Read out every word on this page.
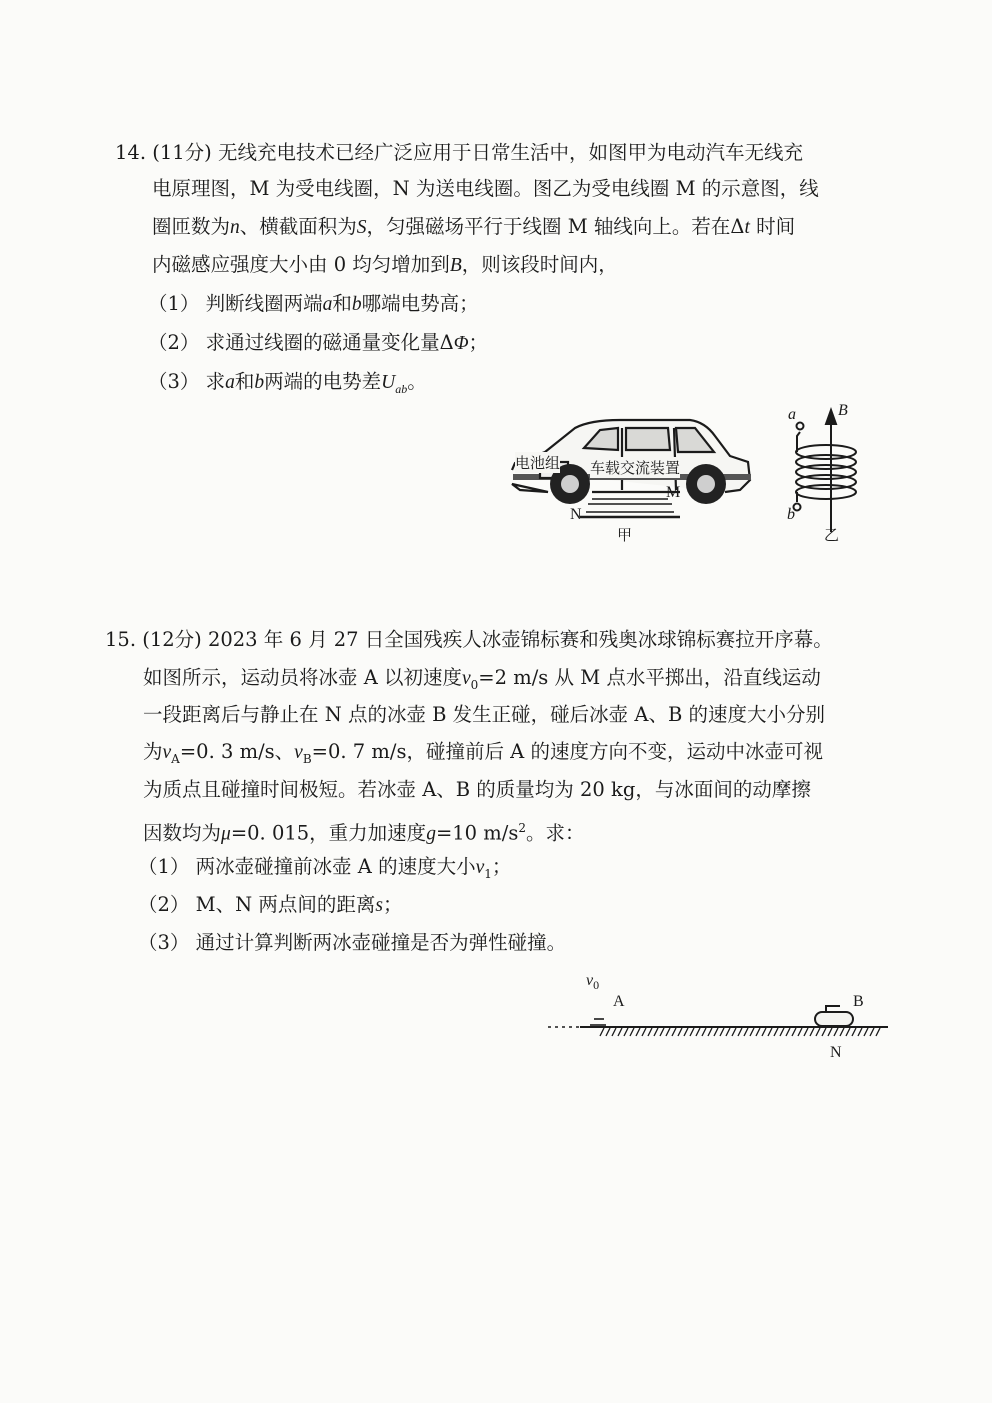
14. (11分) 无线充电技术已经广泛应用于日常生活中，如图甲为电动汽车无线充
电原理图，M 为受电线圈，N 为送电线圈。图乙为受电线圈 M 的示意图，线
圈匝数为n、横截面积为S，匀强磁场平行于线圈 M 轴线向上。若在Δt 时间
内磁感应强度大小由 0 均匀增加到B，则该段时间内，
（1） 判断线圈两端a和b哪端电势高；
（2） 求通过线圈的磁通量变化量ΔΦ；
（3） 求a和b两端的电势差$U_{ab}$。
电池组 车载交流装置
N
M
甲
a
b
B
乙
15. (12分) 2023 年 6 月 27 日全国残疾人冰壶锦标赛和残奥冰球锦标赛拉开序幕。
如图所示，运动员将冰壶 A 以初速度$v_0=2$ m/s 从 M 点水平掷出，沿直线运动
一段距离后与静止在 N 点的冰壶 B 发生正碰，碰后冰壶 A、B 的速度大小分别
为$v_A=0$. 3 m/s、$v_B=0$. 7 m/s，碰撞前后 A 的速度方向不变，运动中冰壶可视
为质点且碰撞时间极短。若冰壶 A、B 的质量均为 20 kg，与冰面间的动摩擦
因数均为μ=0. 015，重力加速度g=10 $m/s^2$。求：
（1） 两冰壶碰撞前冰壶 A 的速度大小$v_1$；
（2） M、N 两点间的距离s；
（3） 通过计算判断两冰壶碰撞是否为弹性碰撞。
$v_0$
A	B
N
